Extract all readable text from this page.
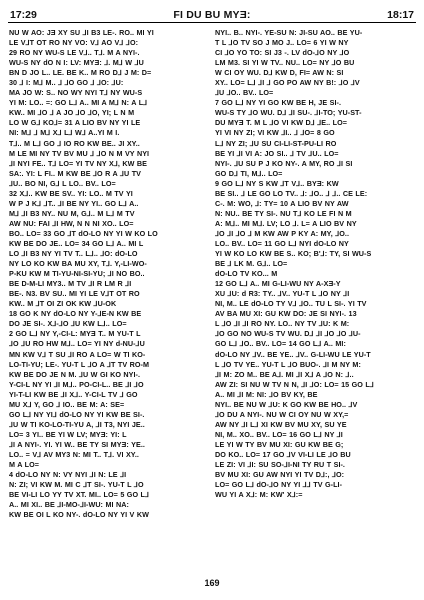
17:29	FI DU BU MYƎ:	18:17
NU W AO: JƎ XY SU ⅃I B3 LE-. RO.. MI YI
LE V⅃T OT RO NY VO: V⅃ AO V⅃ ⅃O:
29 RO NY WU-S LE V⅃.. T⅃. M A NYI-.
WU-S NY dO N I: LV: MYƎ: ⅃. M⅃ W ⅃U
BN D JO L.. LE. BE K.. M RO D⅃ J M: D=
30 ⅃ I: M⅃ M.. ⅃ ⅃O GO ⅃ ⅃O: ⅃U:
MA JO W: S.. NO WY NYI T⅃ NY WU-S
YI M: LO.. =: GO L⅃ A.. MI A M⅃ N: A L⅃
KW.. MI ⅃O ⅃ A JO ⅃O ⅃O, YI; L N M
LO W G⅃ KO⅃= 31 A LIO BV NY YI LE
NI: M⅃ ⅃ M⅃ X⅃ L⅃ W⅃ A..YI M I.
T⅃.. M L⅃ GO ⅃ IO RO KW BE.. JI XY..
M LE MI NY TV BV MU ⅃ ⅃O N M VY NYI
⅃I NYI FE.. T⅃ LO= YI TV NY X⅃, KW BE
SA:. YI: L FI.. M KW BE ⅃O R A ⅃U TV
⅃U.. BO NI, G⅃ L LO.. BV.. LO=
32 X⅃.. KW BE SV.. YI: LO.. M TV YI
W P J K⅃ ⅃T.. ⅃I BE NY YI.. GO L⅃ A..
M⅃ ⅃I B3 NY.. NU M, G⅃.. M L⅃ M TV
AW NU: FAI ⅃I HW, N N NI XO.. LO=
BO.. LO= 33 GO ⅃T dO-LO NY YI W KO LO
KW BE DO JE.. LO= 34 GO L⅃ A.. MI L
LO ⅃I B3 NY YI TV T.. L⅃.. ⅃O: dO-LO
NY LO KO KW BA MU XY, T⅃. Y,-LI-WO-
P-KU KW M TI-YU-NI-SI-YU; ⅃I NO BO..
BE D-M-LI MY3.. M TV ⅃I R LM R ⅃I
BE-. N3. BV SU.. MI YI LE V⅃T OT RO
KW.. M ⅃T OI ZI OK KW ⅃U-OK
18 GO K NY dO-LO NY Y-⅃E-N KW BE
DO JE SI-. X⅃-⅃O ⅃U KW L⅃.. LO=
2 GO L⅃ NY Y,-CI-L: MYƎ T.. M YU-T L
⅃O ⅃U RO HW M⅃.. LO= YI NY d-NU-⅃U
MN KW V⅃ T SU ⅃I RO A LO= W TI KO-
LO-TI-YU; LE-. YU-T L ⅃O A ⅃T TV RO-M
KW BE DO JE N M. ⅃U W GI KO NYI-.
Y-CI-L NY YI ⅃I M⅃.. PO-CI-L.. BE ⅃I ⅃O
YI-T-LI KW BE ⅃I X⅃.. Y-CI-L TV ⅃ GO
MU X⅃ Y, GO ⅃ IO.. BE M: A: SE=
GO L⅃ NY YI⅃ dO-LO NY YI KW BE SI-.
⅃U W TI KO-LO-TI-YU A, ⅃I T3, NYI JE..
LO= 3 YI.. BE YI W LV; MYƎ: YI: L
⅃I A NYI-. YI. YI W.. BE TY SI MYƎ: YE..
LO.. = V⅃ AV MY3 N: MI T.. T⅃. VI XY..
M A LO=
4 dO-LO NY N: VY NYI ⅃I N: LE ⅃I
N: ZI; VI KW M. MI C ⅃T SI-. YU-T L ⅃O
BE VI-LI LO YY TV XT. MI.. LO= 5 GO L⅃
A.. MI XI.. BE ⅃I-MO-⅃I-WU: MI NA:
KW BE OI L KO NY-. dO-LO NY YI V KW
NYI.. B.. NYI-. YE-SU N: JI-SU AO.. BE YU-
T L ⅃O TV SO J MO J.. LO= 6 YI W NY
CI ⅃O YO TO: SI J3 -. LV dO-⅃O NY ⅃O
LM M3. SI YI W TV.. NU.. LO= NY ⅃O BU
W CI OY WU. D⅃ KW D, FI= AW N: SI
XY.. LO= L⅃ ⅃I ⅃ GO PO AW NY B!: ⅃O ⅃V
⅃U ⅃O.. BV.. LO=
7 GO L⅃ NY YI GO KW BE H, JE SI-.
WU-S TY ⅃O WU. D⅃ ⅃I SU-. ⅃I-TO; YU-ST-
DU MYƎ T. M L ⅃O VI KW D⅃ ⅃E.. LO=
YI VI NY ZI; VI KW ⅃I.. ⅃ ⅃O= 8 GO
L⅃ NY ZI; ⅃U SU CI-LI-ST-PU-LI RO
BE YI ⅃I VI A: JO SI.. ⅃ TV ⅃U.. LO=
NYI-. ⅃U SU P J KO NY-. A MY, RO ⅃I SI
GO D⅃ TI, M⅃.. LO=
9 GO L⅃ NY S KW ⅃T V⅃.. BYƎ: KW
BE SI.. ⅃ LE GO LO TV.. ⅃: ⅃O.. ⅃ ⅃.. CE LE:
C-. M: WO, ⅃: TY= 10 A LIO BV NY AW
N: NU.. BE TY SI-. NU T⅃ KO LE FI N M
A: M⅃.. MI M⅃. LV; LO ⅃. L= A LIO BV NY
⅃O ⅃I ⅃O ⅃ M KW AW P KY A: MY, ⅃O..
LO.. BV.. LO= 11 GO L⅃ NYI dO-LO NY
YI W KO LO KW BE S.. KO; B'⅃: TY, SI WU-S
BE ⅃ LK M. G⅃.. LO=
dO-LO TV KO... M
12 GO L⅃ A.. MI G-LI-WU NY A-XƎ-Y
XU ⅃U: d R3: TY.. ⅃V.. YU-T L ⅃O NY ⅃I
NI, M.. LE dO-LO TY V⅃ ⅃O.. TU L SI-. YI TV
AV BA MU XI: GU KW DO: JE SI NYI-. 13
L ⅃O ⅃I ⅃I RO NY. LO.. NY TV ⅃U: K M:
⅃O GO NO WU-S TV WU. D⅃ ⅃I ⅃O ⅃O ⅃U-
GO L⅃ ⅃O.. BV.. LO= 14 GO L⅃ A.. MI:
dO-LO NY ⅃V.. BE YE.. ⅃V.. G-LI-WU LE YU-T
L ⅃O TV YE.. YU-T L ⅃O BUO-. ⅃I M NY M:
⅃I M: ZO M.. BE A⅃. MI ⅃I X⅃ A ⅃O N: ⅃..
AW ZI: SI NU W TV N N, ⅃I ⅃O: LO= 15 GO L⅃
A.. MI ⅃I M: NI: ⅃O BV KY, BE
NYI.. BE NU W ⅃U: K GO KW BE HO.. ⅃V
⅃O DU A NYI-. NU W CI OY NU W XY,=
AW NY ⅃I L⅃ XI KW BV MU XY, SU YE
NI, M.. XO.. BV.. LO= 16 GO L⅃ NY ⅃I
LE YI W TY BV MU XI: GU KW BE G;
DO KO.. LO= 17 GO ⅃V VI-LI LE ⅃O BU
LE ZI: VI ⅃I: SU SO-⅃I-NI TY RU T SI-.
BV MU XI: GU AW NYI YI TV D⅃:, ⅃O:
LO= GO L⅃ dO-⅃O NY YI ⅃⅃ TV G-LI-
WU YI A X⅃: M: KW' X⅃:=
169
